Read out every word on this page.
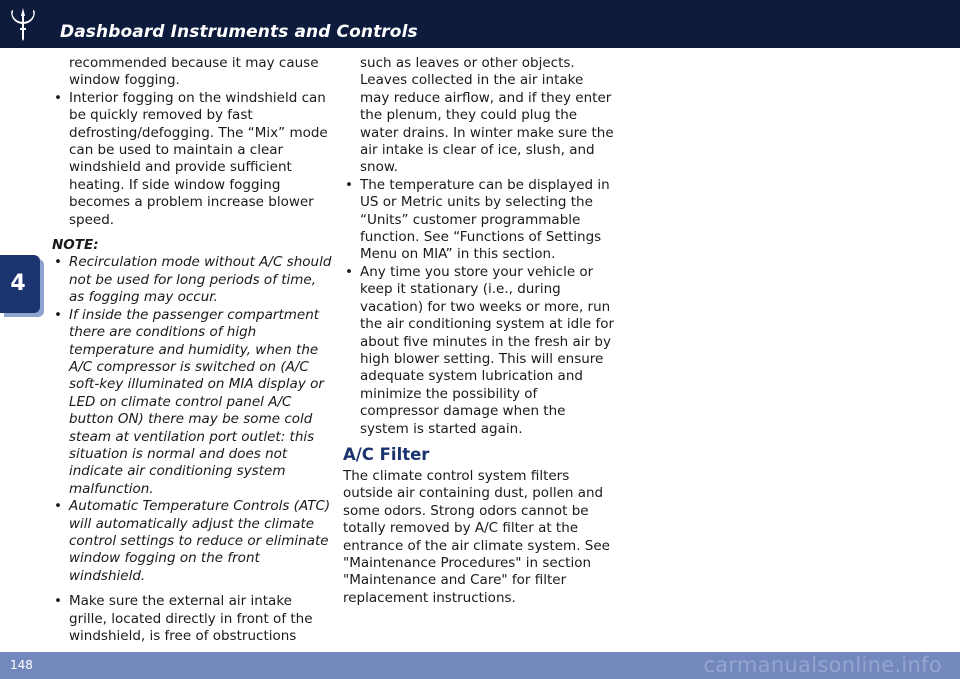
Dashboard Instruments and Controls
4
recommended because it may cause window fogging.
• Interior fogging on the windshield can be quickly removed by fast defrosting/defogging. The “Mix” mode can be used to maintain a clear windshield and provide sufficient heating. If side window fogging becomes a problem increase blower speed.
NOTE:
• Recirculation mode without A/C should not be used for long periods of time, as fogging may occur.
• If inside the passenger compartment there are conditions of high temperature and humidity, when the A/C compressor is switched on (A/C soft-key illuminated on MIA display or LED on climate control panel A/C button ON) there may be some cold steam at ventilation port outlet: this situation is normal and does not indicate air conditioning system malfunction.
• Automatic Temperature Controls (ATC) will automatically adjust the climate control settings to reduce or eliminate window fogging on the front windshield.
• Make sure the external air intake grille, located directly in front of the windshield, is free of obstructions
such as leaves or other objects. Leaves collected in the air intake may reduce airflow, and if they enter the plenum, they could plug the water drains. In winter make sure the air intake is clear of ice, slush, and snow.
• The temperature can be displayed in US or Metric units by selecting the “Units” customer programmable function. See “Functions of Settings Menu on MIA” in this section.
• Any time you store your vehicle or keep it stationary (i.e., during vacation) for two weeks or more, run the air conditioning system at idle for about five minutes in the fresh air by high blower setting. This will ensure adequate system lubrication and minimize the possibility of compressor damage when the system is started again.
A/C Filter
The climate control system filters outside air containing dust, pollen and some odors. Strong odors cannot be totally removed by A/C filter at the entrance of the air climate system. See "Maintenance Procedures" in section "Maintenance and Care" for filter replacement instructions.
148	carmanualsonline.info
